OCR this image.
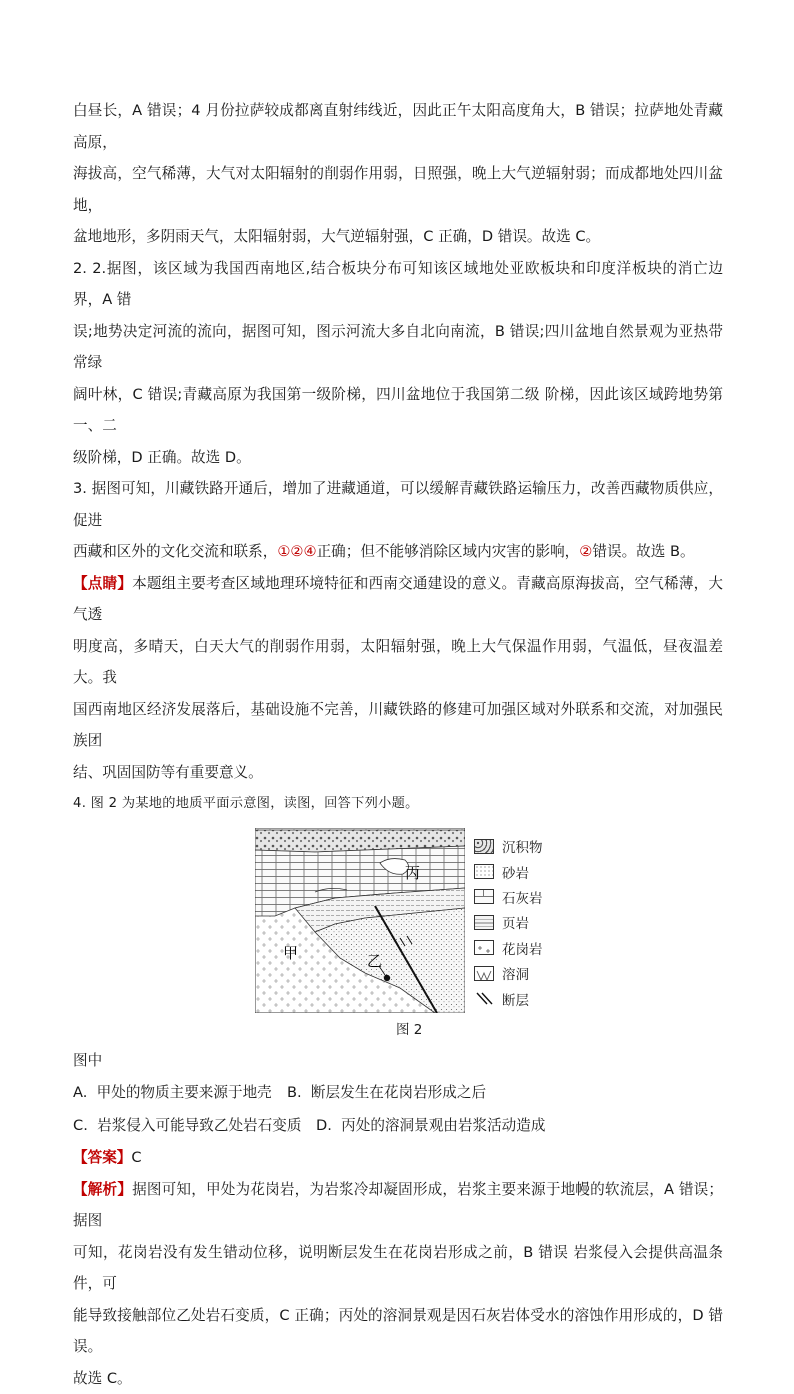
白昼长，A 错误；4 月份拉萨较成都离直射纬线近，因此正午太阳高度角大，B 错误；拉萨地处青藏高原，

海拔高，空气稀薄，大气对太阳辐射的削弱作用弱，日照强，晚上大气逆辐射弱；而成都地处四川盆地，

盆地地形，多阴雨天气，太阳辐射弱，大气逆辐射强，C 正确，D 错误。故选 C。

2. 2.据图，该区域为我国西南地区,结合板块分布可知该区域地处亚欧板块和印度洋板块的消亡边界，A 错

误;地势决定河流的流向，据图可知，图示河流大多自北向南流，B 错误;四川盆地自然景观为亚热带常绿

阔叶林，C 错误;青藏高原为我国第一级阶梯，四川盆地位于我国第二级 阶梯，因此该区域跨地势第一、二

级阶梯，D 正确。故选 D。

3. 据图可知，川藏铁路开通后，增加了进藏通道，可以缓解青藏铁路运输压力，改善西藏物质供应，促进

西藏和区外的文化交流和联系，①②④正确；但不能够消除区域内灾害的影响，②错误。故选 B。

【点睛】本题组主要考查区域地理环境特征和西南交通建设的意义。青藏高原海拔高，空气稀薄，大气透

明度高，多晴天，白天大气的削弱作用弱，太阳辐射强，晚上大气保温作用弱，气温低，昼夜温差大。我

国西南地区经济发展落后，基础设施不完善，川藏铁路的修建可加强区域对外联系和交流，对加强民族团

结、巩固国防等有重要意义。

4. 图 2 为某地的地质平面示意图，读图，回答下列小题。

丙
甲	乙
沉积物
砂岩
石灰岩
页岩
花岗岩
溶洞
断层
图 2

图中

A.  甲处的物质主要来源于地壳	B.  断层发生在花岗岩形成之后
C.  岩浆侵入可能导致乙处岩石变质 D.  丙处的溶洞景观由岩浆活动造成

【答案】C

【解析】据图可知，甲处为花岗岩，为岩浆冷却凝固形成，岩浆主要来源于地幔的软流层，A 错误；据图

可知，花岗岩没有发生错动位移，说明断层发生在花岗岩形成之前，B 错误 岩浆侵入会提供高温条件，可

能导致接触部位乙处岩石变质，C 正确；丙处的溶洞景观是因石灰岩体受水的溶蚀作用形成的，D 错误。

故选 C。
